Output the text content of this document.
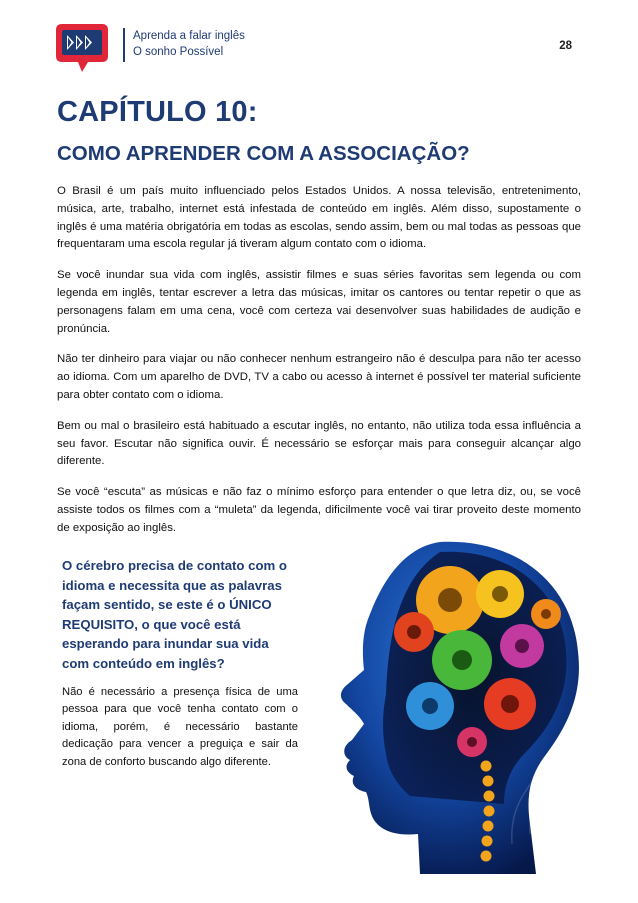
Aprenda a falar inglês
O sonho Possível	28
CAPÍTULO 10:
COMO APRENDER COM A ASSOCIAÇÃO?

O Brasil é um país muito influenciado pelos Estados Unidos. A nossa televisão, entretenimento, música, arte, trabalho, internet está infestada de conteúdo em inglês. Além disso, supostamente o inglês é uma matéria obrigatória em todas as escolas, sendo assim, bem ou mal todas as pessoas que frequentaram uma escola regular já tiveram algum contato com o idioma.

Se você inundar sua vida com inglês, assistir filmes e suas séries favoritas sem legenda ou com legenda em inglês, tentar escrever a letra das músicas, imitar os cantores ou tentar repetir o que as personagens falam em uma cena, você com certeza vai desenvolver suas habilidades de audição e pronúncia.

Não ter dinheiro para viajar ou não conhecer nenhum estrangeiro não é desculpa para não ter acesso ao idioma. Com um aparelho de DVD, TV a cabo ou acesso à internet é possível ter material suficiente para obter contato com o idioma.

Bem ou mal o brasileiro está habituado a escutar inglês, no entanto, não utiliza toda essa influência a seu favor. Escutar não significa ouvir. É necessário se esforçar mais para conseguir alcançar algo diferente.

Se você “escuta” as músicas e não faz o mínimo esforço para entender o que letra diz, ou, se você assiste todos os filmes com a “muleta” da legenda, dificilmente você vai tirar proveito deste momento de exposição ao inglês.

O cérebro precisa de contato com o idioma e necessita que as palavras façam sentido, se este é o ÚNICO REQUISITO, o que você está esperando para inundar sua vida com conteúdo em inglês?

Não é necessário a presença física de uma pessoa para que você tenha contato com o idioma, porém, é necessário bastante dedicação para vencer a preguiça e sair da zona de conforto buscando algo diferente.
